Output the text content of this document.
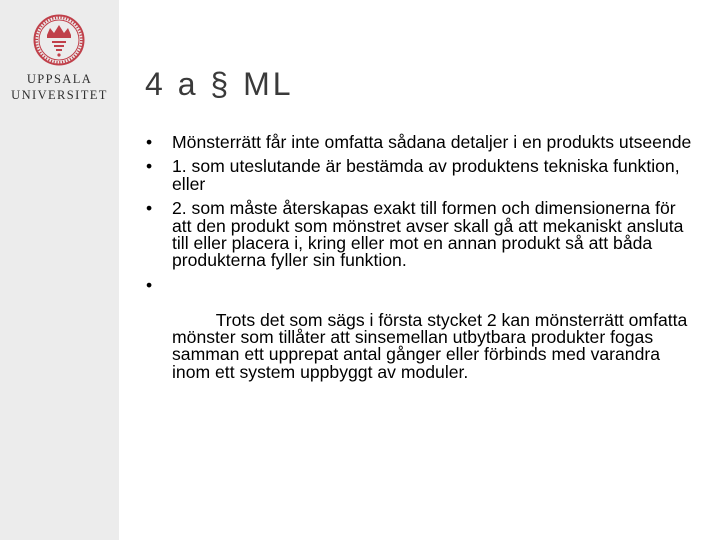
UPPSALA
UNIVERSITET	4 a § ML
•	Mönsterrätt får inte omfatta sådana detaljer i en produkts utseende
•	1. som uteslutande är bestämda av produktens tekniska funktion, eller
•	2. som måste återskapas exakt till formen och dimensionerna för att den produkt som mönstret avser skall gå att mekaniskt ansluta till eller placera i, kring eller mot en annan produkt så att båda produkterna fyller sin funktion.

•

Trots det som sägs i första stycket 2 kan mönsterrätt omfatta mönster som tillåter att sinsemellan utbytbara produkter fogas samman ett upprepat antal gånger eller förbinds med varandra inom ett system uppbyggt av moduler.
